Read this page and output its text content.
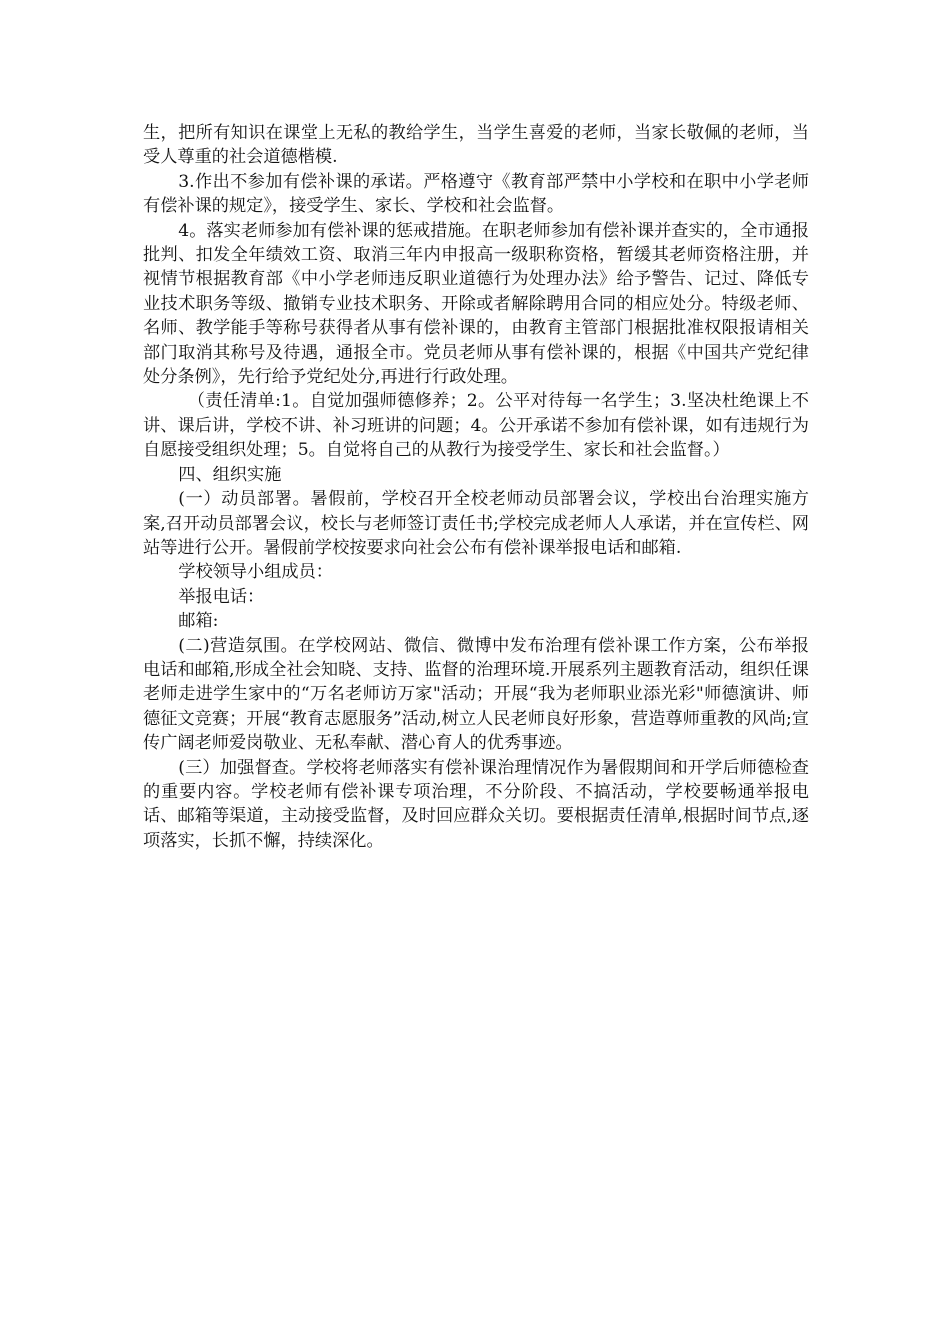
生，把所有知识在课堂上无私的教给学生，当学生喜爱的老师，当家长敬佩的老师，当受人尊重的社会道德楷模.

3.作出不参加有偿补课的承诺。严格遵守《教育部严禁中小学校和在职中小学老师有偿补课的规定》，接受学生、家长、学校和社会监督。

4。落实老师参加有偿补课的惩戒措施。在职老师参加有偿补课并查实的，全市通报批判、扣发全年绩效工资、取消三年内申报高一级职称资格，暂缓其老师资格注册，并视情节根据教育部《中小学老师违反职业道德行为处理办法》给予警告、记过、降低专业技术职务等级、撤销专业技术职务、开除或者解除聘用合同的相应处分。特级老师、名师、教学能手等称号获得者从事有偿补课的，由教育主管部门根据批准权限报请相关部门取消其称号及待遇，通报全市。党员老师从事有偿补课的，根据《中国共产党纪律处分条例》，先行给予党纪处分,再进行行政处理。

（责任清单:1。自觉加强师德修养；2。公平对待每一名学生；3.坚决杜绝课上不讲、课后讲，学校不讲、补习班讲的问题；4。公开承诺不参加有偿补课，如有违规行为自愿接受组织处理；5。自觉将自己的从教行为接受学生、家长和社会监督。）

四、组织实施

(一）动员部署。暑假前，学校召开全校老师动员部署会议，学校出台治理实施方案,召开动员部署会议，校长与老师签订责任书;学校完成老师人人承诺，并在宣传栏、网站等进行公开。暑假前学校按要求向社会公布有偿补课举报电话和邮箱.

学校领导小组成员：

举报电话：

邮箱:

(二)营造氛围。在学校网站、微信、微博中发布治理有偿补课工作方案，公布举报电话和邮箱,形成全社会知晓、支持、监督的治理环境.开展系列主题教育活动，组织任课老师走进学生家中的“万名老师访万家"活动；开展“我为老师职业添光彩"师德演讲、师德征文竞赛；开展“教育志愿服务”活动,树立人民老师良好形象，营造尊师重教的风尚;宣传广阔老师爱岗敬业、无私奉献、潜心育人的优秀事迹。

(三）加强督查。学校将老师落实有偿补课治理情况作为暑假期间和开学后师德检查的重要内容。学校老师有偿补课专项治理，不分阶段、不搞活动，学校要畅通举报电话、邮箱等渠道，主动接受监督，及时回应群众关切。要根据责任清单,根据时间节点,逐项落实，长抓不懈，持续深化。
